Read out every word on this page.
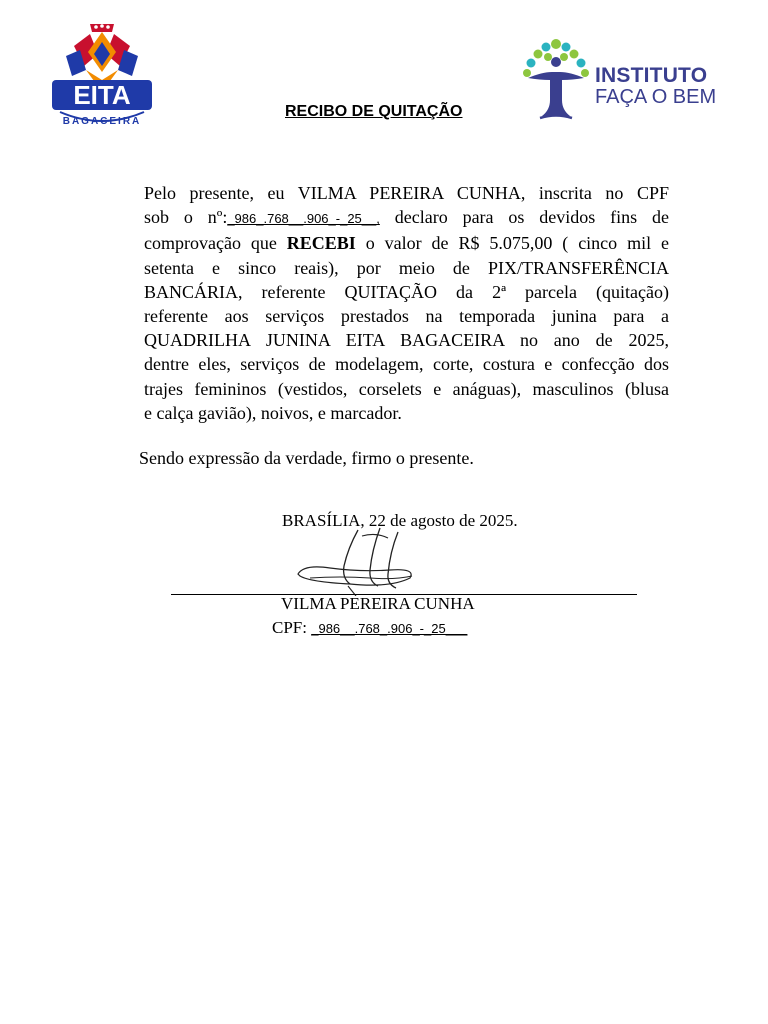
EITA
BAGACEIRA
INSTITUTO
FAÇA O BEM
RECIBO DE QUITAÇÃO
Pelo presente, eu VILMA PEREIRA CUNHA, inscrita no CPF
sob o nº:_986_.768__.906_-_25__, declaro para os devidos fins de
comprovação que RECEBI o valor de R$ 5.075,00 ( cinco mil e
setenta e sinco reais), por meio de PIX/TRANSFERÊNCIA
BANCÁRIA, referente QUITAÇÃO da 2ª parcela (quitação)
referente aos serviços prestados na temporada junina para a
QUADRILHA JUNINA EITA BAGACEIRA no ano de 2025,
dentre eles, serviços de modelagem, corte, costura e confecção dos
trajes femininos (vestidos, corselets e anáguas), masculinos (blusa
e calça gavião), noivos, e marcador.
Sendo expressão da verdade, firmo o presente.
BRASÍLIA, 22 de agosto de 2025.
VILMA PEREIRA CUNHA
CPF: _986__.768_.906_-_25___
